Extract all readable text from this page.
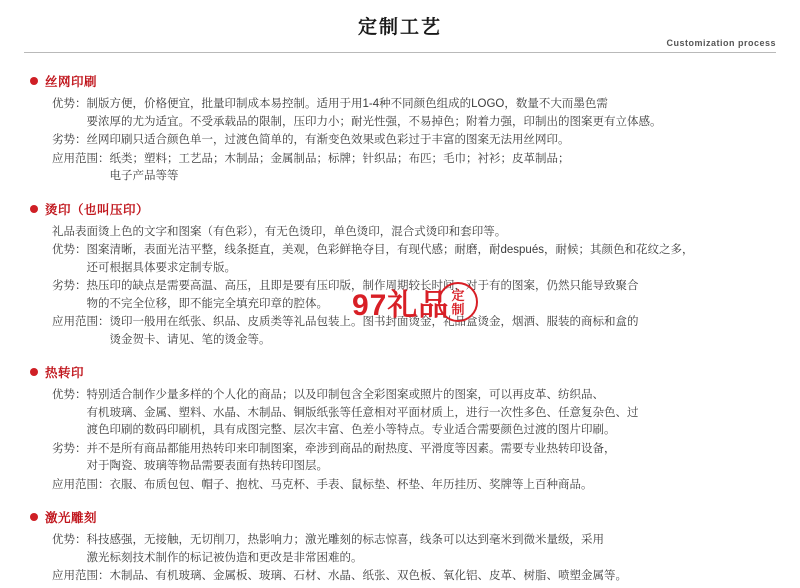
定制工艺
Customization process
丝网印刷
优势： 制版方便，价格便宜，批量印制成本易控制。适用于用1-4种不同颜色组成的LOGO，数量不大而墨色需
要浓厚的尤为适宜。不受承载品的限制，压印力小；耐光性强，不易掉色；附着力强，印制出的图案更有立体感。
劣势： 丝网印刷只适合颜色单一，过渡色简单的，有渐变色效果或色彩过于丰富的图案无法用丝网印。
应用范围： 纸类；塑料；工艺品；木制品；金属制品；标牌；针织品；布匹；毛巾；衬衫；皮革制品；
电子产品等等
烫印（也叫压印）
礼品表面烫上色的文字和图案（有色彩），有无色烫印，单色烫印，混合式烫印和套印等。
优势： 图案清晰，表面光洁平整，线条挺直，美观，色彩鲜艳夺目，有现代感；耐磨，耐después，耐候；其颜色和花纹之多，
还可根据具体要求定制专版。
劣势： 热压印的缺点是需要高温、高压，且即是要有压印版，制作周期较长时间，对于有的图案，仍然只能导致聚合
物的不完全位移，即不能完全填充印章的腔体。
应用范围： 烫印一般用在纸张、织品、皮质类等礼品包装上。图书封面烫金，礼品盒烫金，烟酒、服装的商标和盒的
烫金贺卡、请见、笔的烫金等。
热转印
优势： 特别适合制作少量多样的个人化的商品；以及印制包含全彩图案或照片的图案，可以再皮革、纺织品、
有机玻璃、金属、塑料、水晶、木制品、铜版纸张等任意相对平面材质上，进行一次性多色、任意复杂色、过
渡色印刷的数码印刷机，具有成图完整、层次丰富、色差小等特点。专业适合需要颜色过渡的图片印刷。
劣势： 并不是所有商品都能用热转印来印制图案，牵涉到商品的耐热度、平滑度等因素。需要专业热转印设备，
对于陶瓷、玻璃等物品需要表面有热转印图层。
应用范围： 衣服、布质包包、帽子、抱枕、马克杯、手表、鼠标垫、杯垫、年历挂历、奖牌等上百种商品。
激光雕刻
优势： 科技感强，无接触，无切削刀，热影响力；激光雕刻的标志惊喜，线条可以达到毫米到微米量级，采用
激光标刻技术制作的标记被伪造和更改是非常困难的。
应用范围： 木制品、有机玻璃、金属板、玻璃、石材、水晶、纸张、双色板、氧化铝、皮革、树脂、喷塑金属等。
97礼品 定
制
